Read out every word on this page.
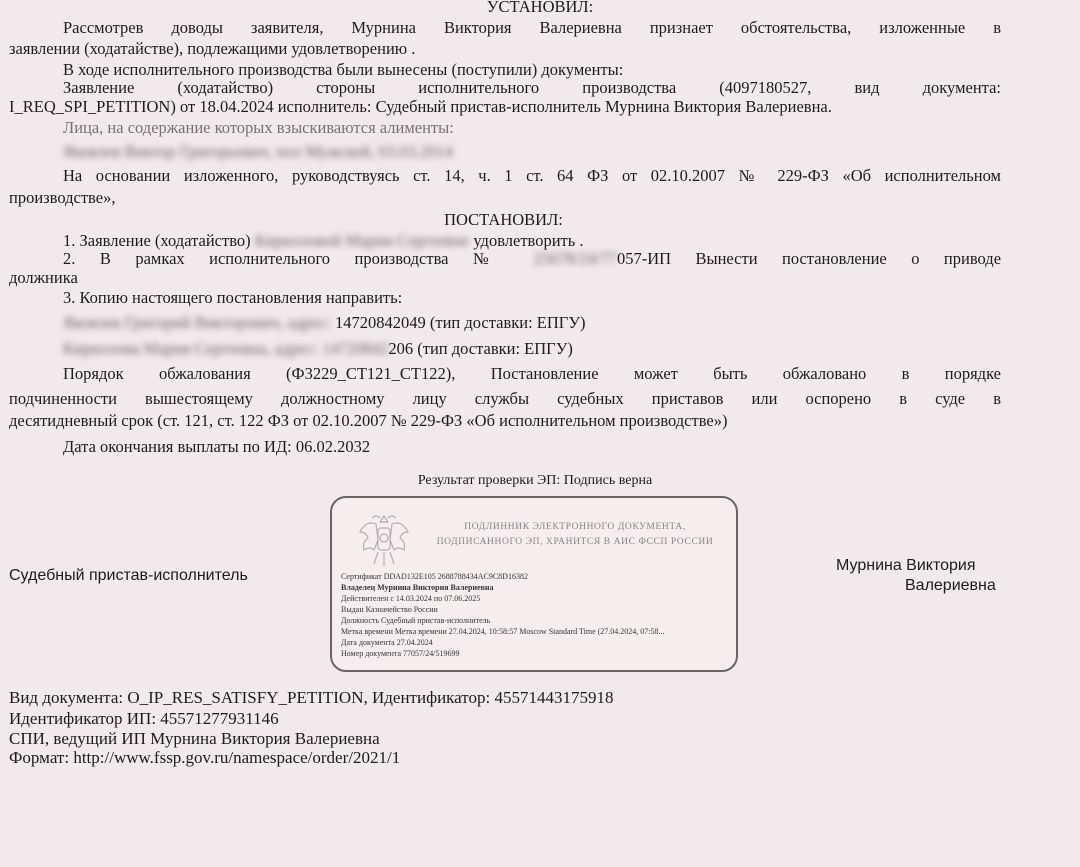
УСТАНОВИЛ:
Рассмотрев доводы заявителя, Мурнина Виктория Валериевна признает обстоятельства, изложенные в
заявлении (ходатайстве), подлежащими удовлетворению .
В ходе исполнительного производства были вынесены (поступили) документы:
Заявление (ходатайство) стороны исполнительного производства (4097180527, вид документа:
I_REQ_SPI_PETITION) от 18.04.2024 исполнитель: Судебный пристав-исполнитель Мурнина Виктория Валериевна.
Лица, на содержание которых взыскиваются алименты:
Яковлев Виктор Григорьевич, пол Мужской, 03.03.2014
На основании изложенного, руководствуясь ст. 14, ч. 1 ст. 64 ФЗ от 02.10.2007 № 229-ФЗ «Об исполнительном
производстве»,
ПОСТАНОВИЛ:
1. Заявление (ходатайство) Кирилловой Марии Сергеевне удовлетворить .
2. В рамках исполнительного производства № 25678/24/77057-ИП Вынести постановление о приводе
должника
3. Копию настоящего постановления направить:
Яковлев Григорий Викторович, адрес: 14720842049 (тип доставки: ЕПГУ)
Кириллова Мария Сергеевна, адрес: 14720842206 (тип доставки: ЕПГУ)
Порядок обжалования (Ф3229_СТ121_СТ122), Постановление может быть обжаловано в порядке
подчиненности вышестоящему должностному лицу службы судебных приставов или оспорено в суде в
десятидневный срок (ст. 121, ст. 122 ФЗ от 02.10.2007 № 229-ФЗ «Об исполнительном производстве»)
Дата окончания выплаты по ИД: 06.02.2032
Результат проверки ЭП: Подпись верна
Судебный пристав-исполнитель
Мурнина Виктория
Валериевна
ПОДЛИННИК ЭЛЕКТРОННОГО ДОКУМЕНТА,
ПОДПИСАННОГО ЭП, ХРАНИТСЯ В АИС ФССП РОССИИ
Сертификат DDAD132E105 2688788434AC9C8D16382
Владелец Мурнина Виктория Валериевна
Действителен с 14.03.2024 по 07.06.2025
Выдан Казначейство России
Должность Судебный пристав-исполнитель
Метка времени Метка времени 27.04.2024, 10:58:57 Moscow Standard Time (27.04.2024, 07:58...
Дата документа 27.04.2024
Номер документа 77057/24/519699
Вид документа: O_IP_RES_SATISFY_PETITION, Идентификатор: 45571443175918
Идентификатор ИП: 45571277931146
СПИ, ведущий ИП Мурнина Виктория Валериевна
Формат: http://www.fssp.gov.ru/namespace/order/2021/1
